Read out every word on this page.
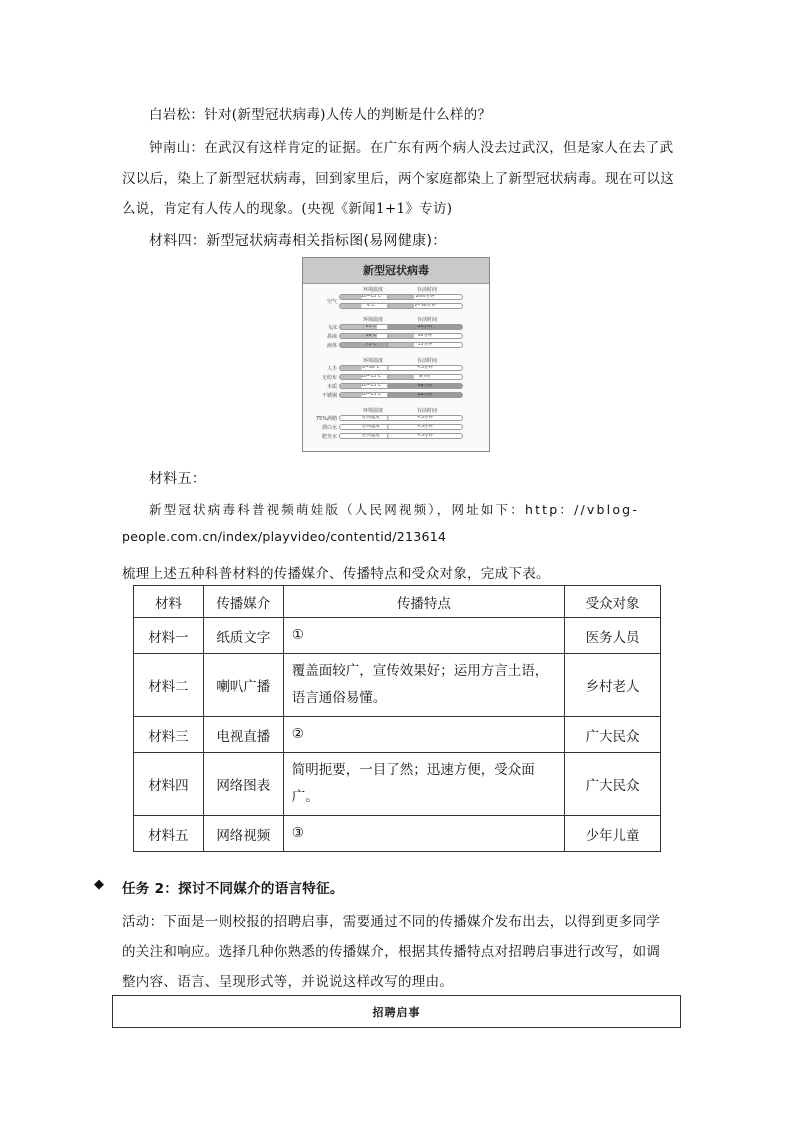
白岩松：针对(新型冠状病毒)人传人的判断是什么样的？
钟南山：在武汉有这样肯定的证据。在广东有两个病人没去过武汉，但是家人在去了武
汉以后，染上了新型冠状病毒，回到家里后，两个家庭都染上了新型冠状病毒。现在可以这
么说，肯定有人传人的现象。(央视《新闻1+1》专访)
材料四：新型冠状病毒相关指标图(易网健康)：
新型冠状病毒
环境温度	存活时间
空气
10~15℃	2h/0分钟
4℃	2~30分钟
环境温度	存活时间
飞沫	25℃	24小时
鼻涕	56℃	30分钟
液体	75℃	15分钟
环境温度	存活时间
人手	0~30℃	<5分钟
无纺布	10~15℃	8小时
木质	10~15℃	48小时
不锈钢	10~15℃	24小时
环境温度	存活时间
75%酒精	任何温度	<5分钟
漂白水	任何温度	<5分钟
肥皂水	任何温度	<5分钟
材料五：
新型冠状病毒科普视频萌娃版（人民网视频），网址如下：http：//vblog-
people.com.cn/index/playvideo/contentid/213614
梳理上述五种科普材料的传播媒介、传播特点和受众对象，完成下表。
材料	传播媒介	传播特点	受众对象
材料一	纸质文字	①	医务人员
材料二	喇叭广播	覆盖面较广，宣传效果好；运用方言土语，语言通俗易懂。	乡村老人
材料三	电视直播	②	广大民众
材料四	网络图表	简明扼要，一目了然；迅速方便，受众面广。	广大民众
材料五	网络视频	③	少年儿童
◆ 任务 2：探讨不同媒介的语言特征。
活动：下面是一则校报的招聘启事，需要通过不同的传播媒介发布出去，以得到更多同学
的关注和响应。选择几种你熟悉的传播媒介，根据其传播特点对招聘启事进行改写，如调
整内容、语言、呈现形式等，并说说这样改写的理由。
招聘启事
